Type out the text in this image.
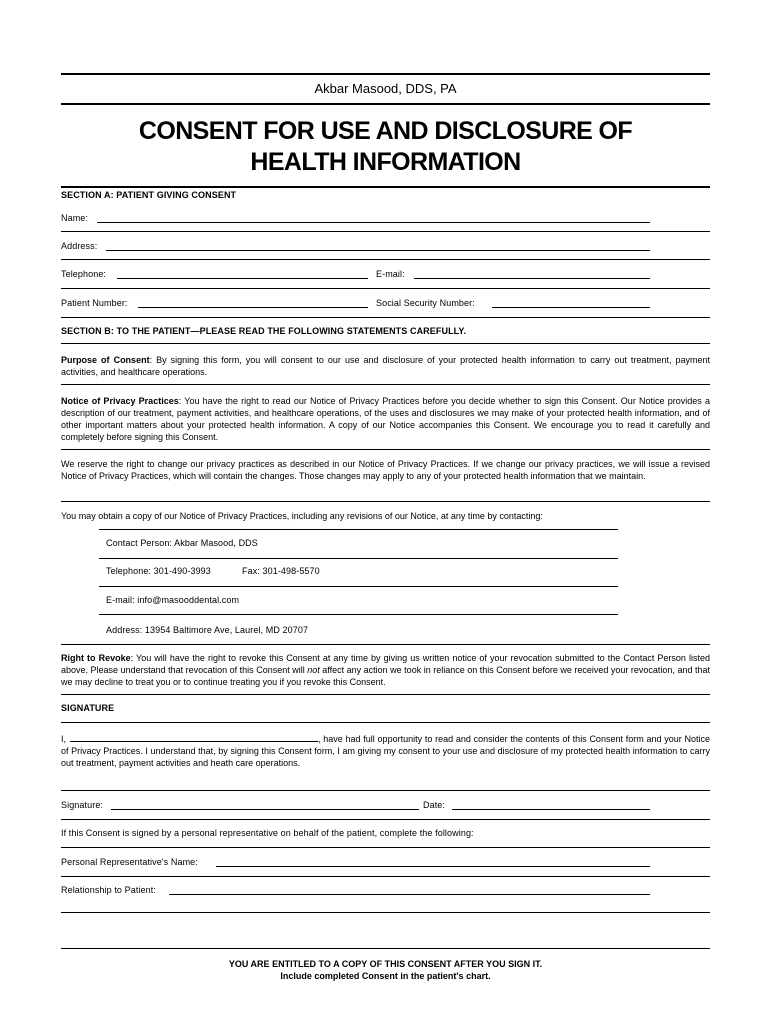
Akbar Masood, DDS, PA
CONSENT FOR USE AND DISCLOSURE OF
HEALTH INFORMATION
SECTION A: PATIENT GIVING CONSENT
Name:
Address:
Telephone:	E-mail:
Patient Number:	Social Security Number:
SECTION B: TO THE PATIENT—PLEASE READ THE FOLLOWING STATEMENTS CAREFULLY.
Purpose of Consent: By signing this form, you will consent to our use and disclosure of your protected health information to carry out treatment, payment activities, and healthcare operations.
Notice of Privacy Practices: You have the right to read our Notice of Privacy Practices before you decide whether to sign this Consent. Our Notice provides a description of our treatment, payment activities, and healthcare operations, of the uses and disclosures we may make of your protected health information, and of other important matters about your protected health information. A copy of our Notice accompanies this Consent. We encourage you to read it carefully and completely before signing this Consent.
We reserve the right to change our privacy practices as described in our Notice of Privacy Practices. If we change our privacy practices, we will issue a revised Notice of Privacy Practices, which will contain the changes. Those changes may apply to any of your protected health information that we maintain.
You may obtain a copy of our Notice of Privacy Practices, including any revisions of our Notice, at any time by contacting:
Contact Person: Akbar Masood, DDS
Telephone: 301-490-3993	Fax: 301-498-5570
E-mail: info@masooddental.com
Address: 13954 Baltimore Ave, Laurel, MD 20707
Right to Revoke: You will have the right to revoke this Consent at any time by giving us written notice of your revocation submitted to the Contact Person listed above. Please understand that revocation of this Consent will not affect any action we took in reliance on this Consent before we received your revocation, and that we may decline to treat you or to continue treating you if you revoke this Consent.
SIGNATURE
I,	, have had full opportunity to read and consider the contents of this Consent form and your Notice of Privacy Practices. I understand that, by signing this Consent form, I am giving my consent to your use and disclosure of my protected health information to carry out treatment, payment activities and heath care operations.
Signature:	Date:
If this Consent is signed by a personal representative on behalf of the patient, complete the following:
Personal Representative's Name:
Relationship to Patient:
YOU ARE ENTITLED TO A COPY OF THIS CONSENT AFTER YOU SIGN IT.
Include completed Consent in the patient's chart.
